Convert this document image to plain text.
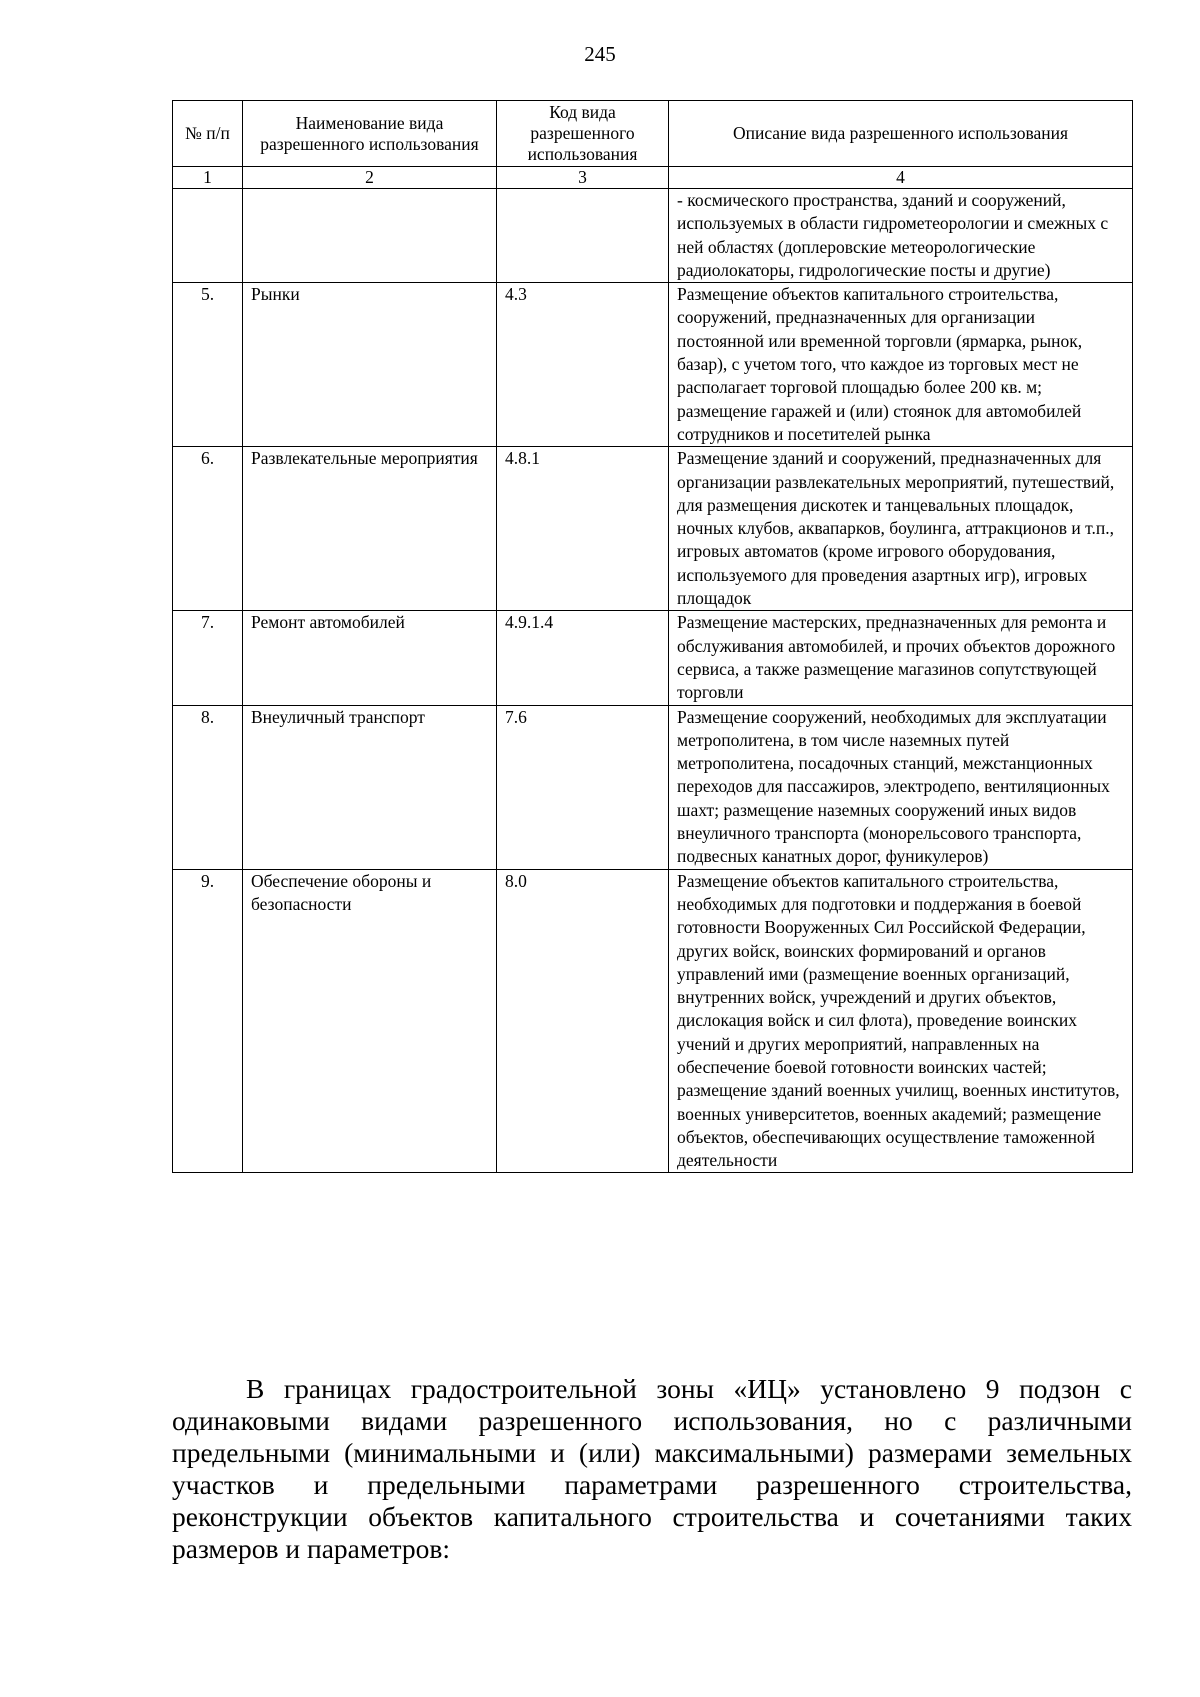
245
№ п/п	Наименование вида разрешенного использования	Код вида разрешенного использования	Описание вида разрешенного использования
1	2	3	4
			- космического пространства, зданий и сооружений, используемых в области гидрометеорологии и смежных с ней областях (доплеровские метеорологические радиолокаторы, гидрологические посты и другие)
5.	Рынки	4.3	Размещение объектов капитального строительства, сооружений, предназначенных для организации постоянной или временной торговли (ярмарка, рынок, базар), с учетом того, что каждое из торговых мест не располагает торговой площадью более 200 кв. м; размещение гаражей и (или) стоянок для автомобилей сотрудников и посетителей рынка
6.	Развлекательные мероприятия	4.8.1	Размещение зданий и сооружений, предназначенных для организации развлекательных мероприятий, путешествий, для размещения дискотек и танцевальных площадок, ночных клубов, аквапарков, боулинга, аттракционов и т.п., игровых автоматов (кроме игрового оборудования, используемого для проведения азартных игр), игровых площадок
7.	Ремонт автомобилей	4.9.1.4	Размещение мастерских, предназначенных для ремонта и обслуживания автомобилей, и прочих объектов дорожного сервиса, а также размещение магазинов сопутствующей торговли
8.	Внеуличный транспорт	7.6	Размещение сооружений, необходимых для эксплуатации метрополитена, в том числе наземных путей метрополитена, посадочных станций, межстанционных переходов для пассажиров, электродепо, вентиляционных шахт; размещение наземных сооружений иных видов внеуличного транспорта (монорельсового транспорта, подвесных канатных дорог, фуникулеров)
9.	Обеспечение обороны и безопасности	8.0	Размещение объектов капитального строительства, необходимых для подготовки и поддержания в боевой готовности Вооруженных Сил Российской Федерации, других войск, воинских формирований и органов управлений ими (размещение военных организаций, внутренних войск, учреждений и других объектов, дислокация войск и сил флота), проведение воинских учений и других мероприятий, направленных на обеспечение боевой готовности воинских частей; размещение зданий военных училищ, военных институтов, военных университетов, военных академий; размещение объектов, обеспечивающих осуществление таможенной деятельности

В границах градостроительной зоны «ИЦ» установлено 9 подзон с одинаковыми видами разрешенного использования, но с различными предельными (минимальными и (или) максимальными) размерами земельных участков и предельными параметрами разрешенного строительства, реконструкции объектов капитального строительства и сочетаниями таких размеров и параметров:
